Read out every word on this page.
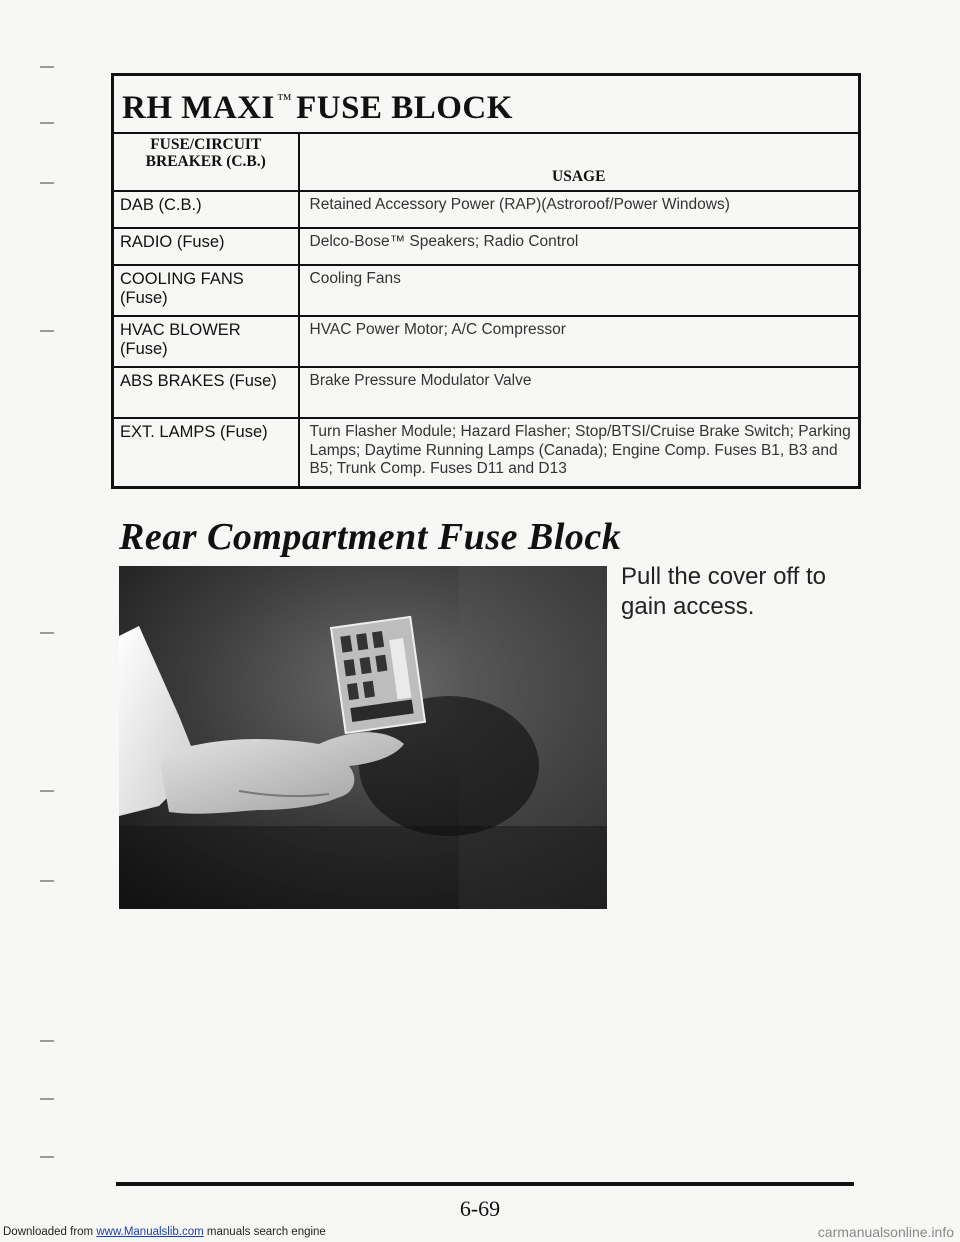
RH MAXI ™ FUSE BLOCK	

FUSE/CIRCUIT
BREAKER (C.B.)	USAGE
DAB (C.B.)	Retained Accessory Power (RAP)(Astroroof/Power Windows)
RADIO (Fuse)	Delco-Bose™ Speakers; Radio Control
COOLING FANS (Fuse)	Cooling Fans
HVAC BLOWER (Fuse)	HVAC Power Motor; A/C Compressor
ABS BRAKES (Fuse)	Brake Pressure Modulator Valve
EXT. LAMPS (Fuse)	Turn Flasher Module; Hazard Flasher; Stop/BTSI/Cruise Brake Switch; Parking Lamps; Daytime Running Lamps (Canada); Engine Comp. Fuses B1, B3 and B5; Trunk Comp. Fuses D11 and D13
Rear Compartment Fuse Block

Pull the cover off to gain access.

6-69
Downloaded from www.Manualslib.com manuals search engine	carmanualsonline.info
